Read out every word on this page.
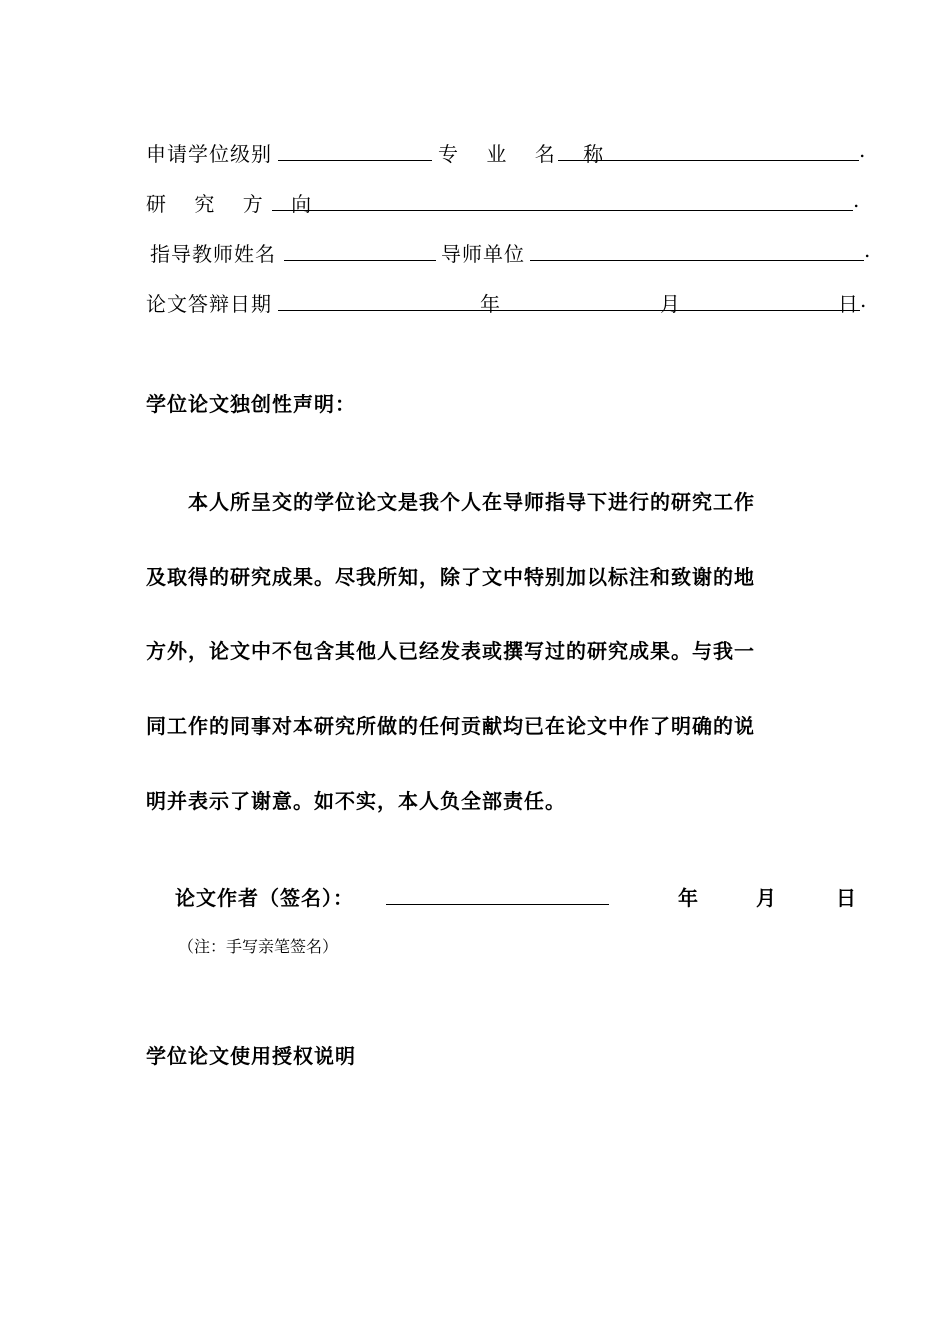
申请学位级别	专 业 名 称	.
研 究 方 向	.
指导教师姓名	导师单位	.
论文答辩日期	年	月	日 .
学位论文独创性声明：
本人所呈交的学位论文是我个人在导师指导下进行的研究工作
及取得的研究成果。尽我所知，除了文中特别加以标注和致谢的地
方外，论文中不包含其他人已经发表或撰写过的研究成果。与我一
同工作的同事对本研究所做的任何贡献均已在论文中作了明确的说
明并表示了谢意。如不实，本人负全部责任。
论文作者（签名）：	年	月	日
（注：手写亲笔签名）
学位论文使用授权说明
